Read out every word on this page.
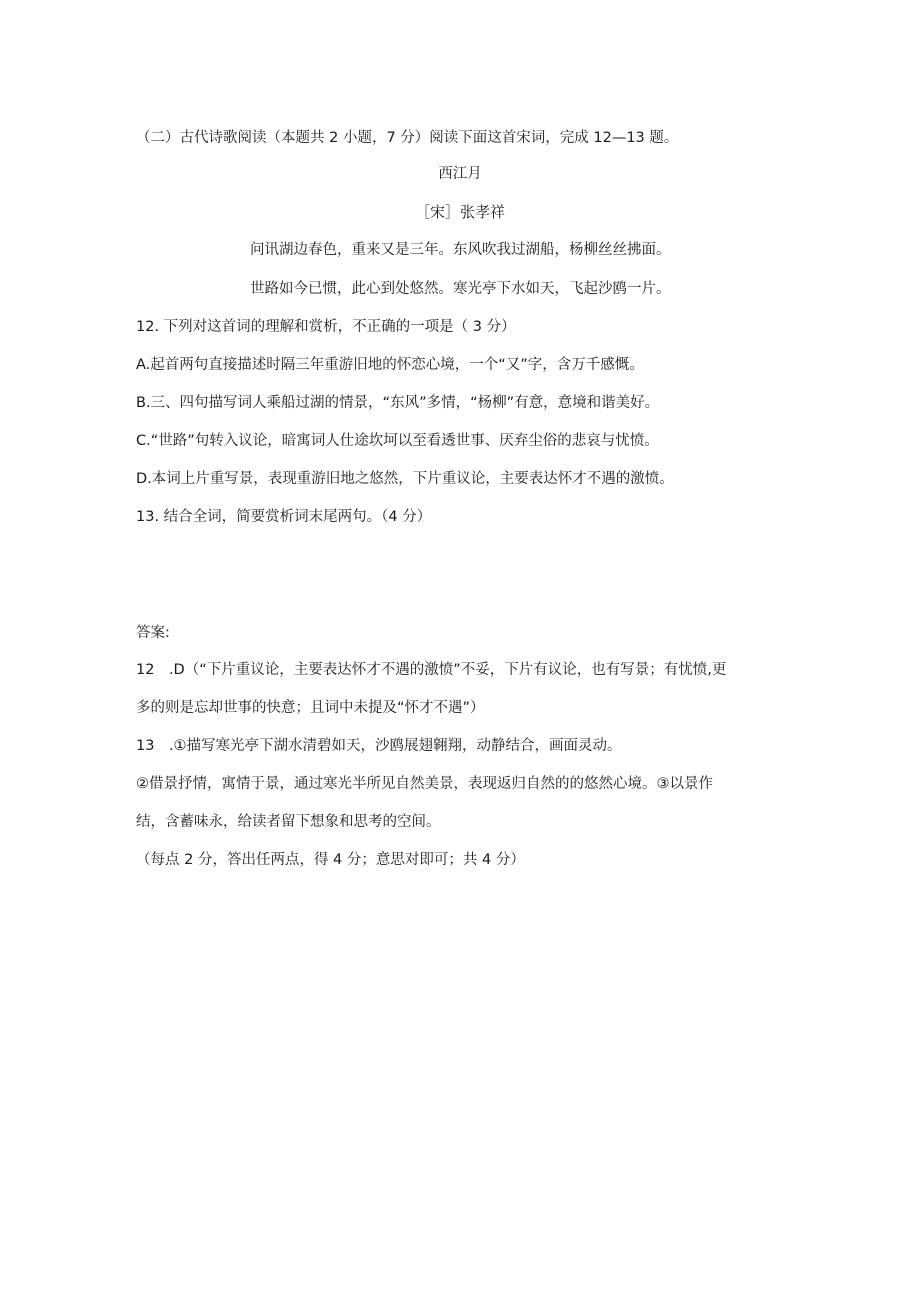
（二）古代诗歌阅读（本题共 2 小题，7 分）阅读下面这首宋词，完成 12—13 题。
西江月
［宋］张孝祥
问讯湖边春色，重来又是三年。东风吹我过湖船，杨柳丝丝拂面。
世路如今已惯，此心到处悠然。寒光亭下水如天，飞起沙鸥一片。
12. 下列对这首词的理解和赏析，不正确的一项是（ 3 分）
A.起首两句直接描述时隔三年重游旧地的怀恋心境，一个“又”字，含万千感慨。
B.三、四句描写词人乘船过湖的情景，“东风”多情，“杨柳”有意，意境和谐美好。
C.“世路”句转入议论，暗寓词人仕途坎坷以至看透世事、厌弃尘俗的悲哀与忧愤。
D.本词上片重写景，表现重游旧地之悠然，下片重议论，主要表达怀才不遇的激愤。
13. 结合全词，简要赏析词末尾两句。（4 分）
答案:
12　.D（“下片重议论，主要表达怀才不遇的激愤”不妥，下片有议论，也有写景；有忧愤,更
多的则是忘却世事的快意；且词中未提及“怀才不遇”）
13　.①描写寒光亭下湖水清碧如天，沙鸥展翅翱翔，动静结合，画面灵动。
②借景抒情，寓情于景，通过寒光半所见自然美景，表现返归自然的的悠然心境。③以景作
结，含蓄味永，给读者留下想象和思考的空间。
（每点 2 分，答出任两点，得 4 分；意思对即可；共 4 分）
